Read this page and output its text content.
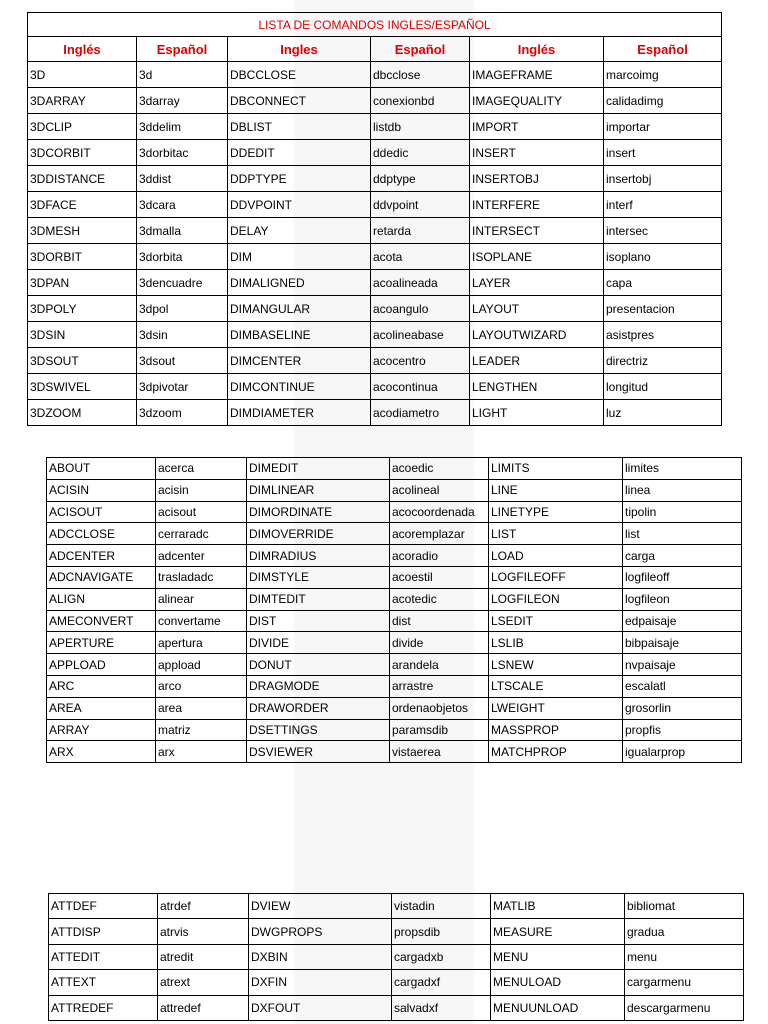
LISTA DE COMANDOS INGLES/ESPAÑOL					
Inglés	Español	Ingles	Español	Inglés	Español
3D	3d	DBCCLOSE	dbcclose	IMAGEFRAME	marcoimg
3DARRAY	3darray	DBCONNECT	conexionbd	IMAGEQUALITY	calidadimg
3DCLIP	3ddelim	DBLIST	listdb	IMPORT	importar
3DCORBIT	3dorbitac	DDEDIT	ddedic	INSERT	insert
3DDISTANCE	3ddist	DDPTYPE	ddptype	INSERTOBJ	insertobj
3DFACE	3dcara	DDVPOINT	ddvpoint	INTERFERE	interf
3DMESH	3dmalla	DELAY	retarda	INTERSECT	intersec
3DORBIT	3dorbita	DIM	acota	ISOPLANE	isoplano
3DPAN	3dencuadre	DIMALIGNED	acoalineada	LAYER	capa
3DPOLY	3dpol	DIMANGULAR	acoangulo	LAYOUT	presentacion
3DSIN	3dsin	DIMBASELINE	acolineabase	LAYOUTWIZARD	asistpres
3DSOUT	3dsout	DIMCENTER	acocentro	LEADER	directriz
3DSWIVEL	3dpivotar	DIMCONTINUE	acocontinua	LENGTHEN	longitud
3DZOOM	3dzoom	DIMDIAMETER	acodiametro	LIGHT	luz
ABOUT	acerca	DIMEDIT	acoedic	LIMITS	limites
ACISIN	acisin	DIMLINEAR	acolineal	LINE	linea
ACISOUT	acisout	DIMORDINATE	acocoordenada	LINETYPE	tipolin
ADCCLOSE	cerraradc	DIMOVERRIDE	acoremplazar	LIST	list
ADCENTER	adcenter	DIMRADIUS	acoradio	LOAD	carga
ADCNAVIGATE	trasladadc	DIMSTYLE	acoestil	LOGFILEOFF	logfileoff
ALIGN	alinear	DIMTEDIT	acotedic	LOGFILEON	logfileon
AMECONVERT	convertame	DIST	dist	LSEDIT	edpaisaje
APERTURE	apertura	DIVIDE	divide	LSLIB	bibpaisaje
APPLOAD	appload	DONUT	arandela	LSNEW	nvpaisaje
ARC	arco	DRAGMODE	arrastre	LTSCALE	escalatl
AREA	area	DRAWORDER	ordenaobjetos	LWEIGHT	grosorlin
ARRAY	matriz	DSETTINGS	paramsdib	MASSPROP	propfis
ARX	arx	DSVIEWER	vistaerea	MATCHPROP	igualarprop
ATTDEF	atrdef	DVIEW	vistadin	MATLIB	bibliomat
ATTDISP	atrvis	DWGPROPS	propsdib	MEASURE	gradua
ATTEDIT	atredit	DXBIN	cargadxb	MENU	menu
ATTEXT	atrext	DXFIN	cargadxf	MENULOAD	cargarmenu
ATTREDEF	attredef	DXFOUT	salvadxf	MENUUNLOAD	descargarmenu
